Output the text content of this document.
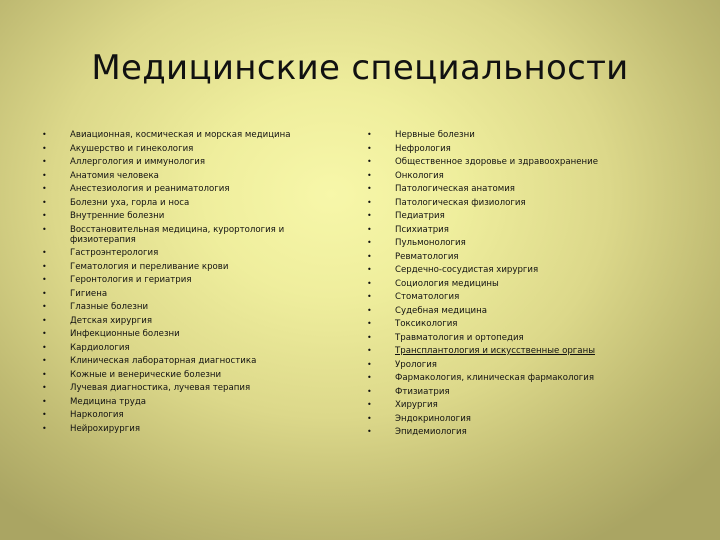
Медицинские специальности
•	Авиационная, космическая и морская медицина
•	Акушерство и гинекология
•	Аллергология и иммунология
•	Анатомия человека
•	Анестезиология и реаниматология
•	Болезни уха, горла и носа
•	Внутренние болезни
•	Восстановительная медицина, курортология и физиотерапия
•	Гастроэнтерология
•	Гематология и переливание крови
•	Геронтология и гериатрия
•	Гигиена
•	Глазные болезни
•	Детская хирургия
•	Инфекционные болезни
•	Кардиология
•	Клиническая лабораторная диагностика
•	Кожные и венерические болезни
•	Лучевая диагностика, лучевая терапия
•	Медицина труда
•	Наркология
•	Нейрохирургия
•	Нервные болезни
•	Нефрология
•	Общественное здоровье и здравоохранение
•	Онкология
•	Патологическая анатомия
•	Патологическая физиология
•	Педиатрия
•	Психиатрия
•	Пульмонология
•	Ревматология
•	Сердечно-сосудистая хирургия
•	Социология медицины
•	Стоматология
•	Судебная медицина
•	Токсикология
•	Травматология и ортопедия
•	Трансплантология и искусственные органы
•	Урология
•	Фармакология, клиническая фармакология
•	Фтизиатрия
•	Хирургия
•	Эндокринология
•	Эпидемиология
